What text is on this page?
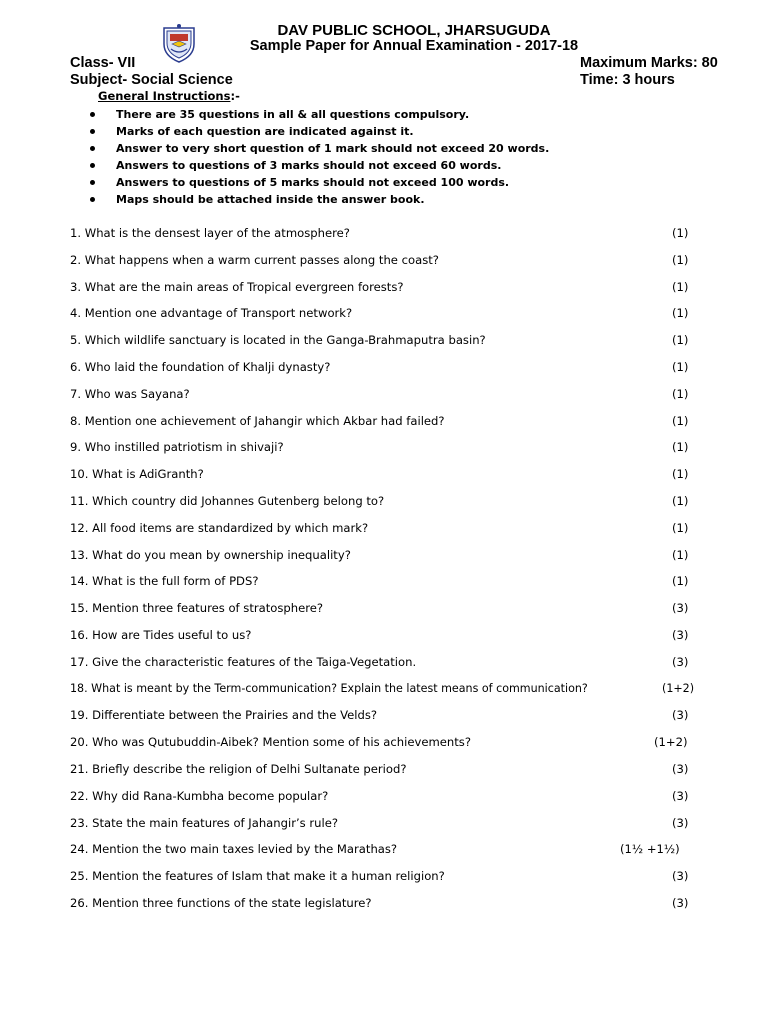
DAV PUBLIC SCHOOL, JHARSUGUDA
Sample Paper for Annual Examination - 2017-18
Class- VII
Subject- Social Science
Maximum Marks: 80
Time: 3 hours
General Instructions:-
There are 35 questions in all & all questions compulsory.
Marks of each question are indicated against it.
Answer to very short question of 1 mark should not exceed 20 words.
Answers to questions of 3 marks should not exceed 60 words.
Answers to questions of 5 marks should not exceed 100 words.
Maps should be attached inside the answer book.
1. What is the densest layer of the atmosphere?	(1)
2. What happens when a warm current passes along the coast?	(1)
3. What are the main areas of Tropical evergreen forests?	(1)
4. Mention one advantage of Transport network?	(1)
5. Which wildlife sanctuary is located in the Ganga-Brahmaputra basin?	(1)
6. Who laid the foundation of Khalji dynasty?	(1)
7. Who was Sayana?	(1)
8. Mention one achievement of Jahangir which Akbar had failed?	(1)
9. Who instilled patriotism in shivaji?	(1)
10. What is AdiGranth?	(1)
11. Which country did Johannes Gutenberg belong to?	(1)
12. All food items are standardized by which mark?	(1)
13. What do you mean by ownership inequality?	(1)
14. What is the full form of PDS?	(1)
15. Mention three features of stratosphere?	(3)
16. How are Tides useful to us?	(3)
17. Give the characteristic features of the Taiga-Vegetation.	(3)
18. What is meant by the Term-communication? Explain the latest means of communication?	(1+2)
19. Differentiate between the Prairies and the Velds?	(3)
20. Who was Qutubuddin-Aibek? Mention some of his achievements?	(1+2)
21. Briefly describe the religion of Delhi Sultanate period?	(3)
22. Why did Rana-Kumbha become popular?	(3)
23. State the main features of Jahangir’s rule?	(3)
24. Mention the two main taxes levied by the Marathas?	(1½ +1½)
25. Mention the features of Islam that make it a human religion?	(3)
26. Mention three functions of the state legislature?	(3)
